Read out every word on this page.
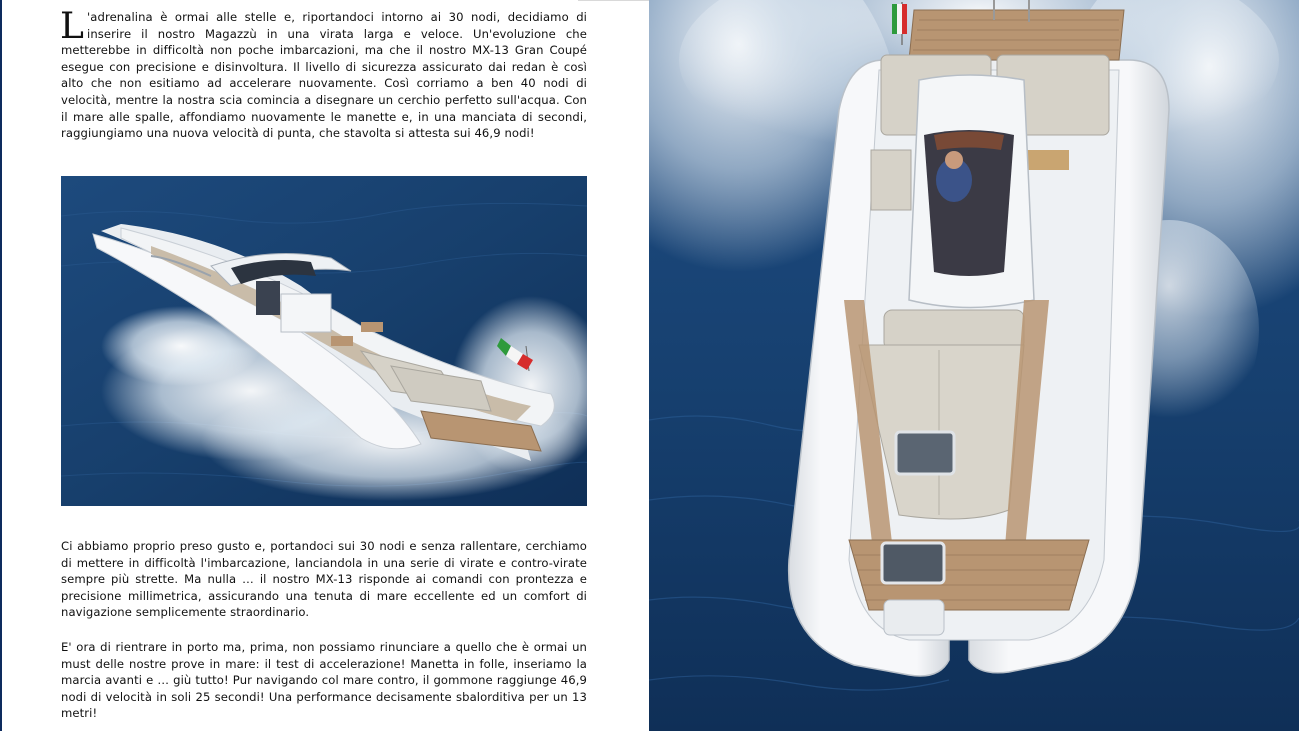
L 'adrenalina è ormai alle stelle e, riportandoci intorno ai 30 nodi, decidiamo di inserire il nostro Magazzù in una virata larga e veloce. Un'evoluzione che metterebbe in difficoltà non poche imbarcazioni, ma che il nostro MX-13 Gran Coupé esegue con precisione e disinvoltura. Il livello di sicurezza assicurato dai redan è così alto che non esitiamo ad accelerare nuovamente. Così corriamo a ben 40 nodi di velocità, mentre la nostra scia comincia a disegnare un cerchio perfetto sull'acqua. Con il mare alle spalle, affondiamo nuovamente le manette e, in una manciata di secondi, raggiungiamo una nuova velocità di punta, che stavolta si attesta sui 46,9 nodi!

Ci abbiamo proprio preso gusto e, portandoci sui 30 nodi e senza rallentare, cerchiamo di mettere in difficoltà l'imbarcazione, lanciandola in una serie di virate e contro-virate sempre più strette. Ma nulla … il nostro MX-13 risponde ai comandi con prontezza e precisione millimetrica, assicurando una tenuta di mare eccellente ed un comfort di navigazione semplicemente straordinario.

E' ora di rientrare in porto ma, prima, non possiamo rinunciare a quello che è ormai un must delle nostre prove in mare: il test di accelerazione! Manetta in folle, inseriamo la marcia avanti e … giù tutto! Pur navigando col mare contro, il gommone raggiunge 46,9 nodi di velocità in soli 25 secondi! Una performance decisamente sbalorditiva per un 13 metri!
